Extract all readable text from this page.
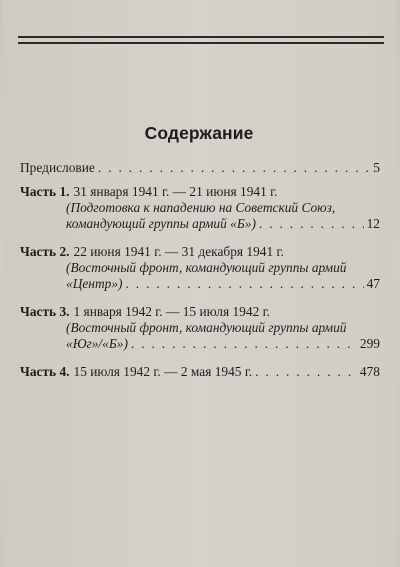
Содержание
Предисловие . . .	5
Часть 1. 31 января 1941 г. — 21 июня 1941 г.
(Подготовка к нападению на Советский Союз,
командующий группы армий «Б») . . .	12
Часть 2. 22 июня 1941 г. — 31 декабря 1941 г.
(Восточный фронт, командующий группы армий
«Центр») . . .	47
Часть 3. 1 января 1942 г. — 15 июля 1942 г.
(Восточный фронт, командующий группы армий
«Юг»/«Б») . . .	299
Часть 4. 15 июля 1942 г. — 2 мая 1945 г. . . .	478
